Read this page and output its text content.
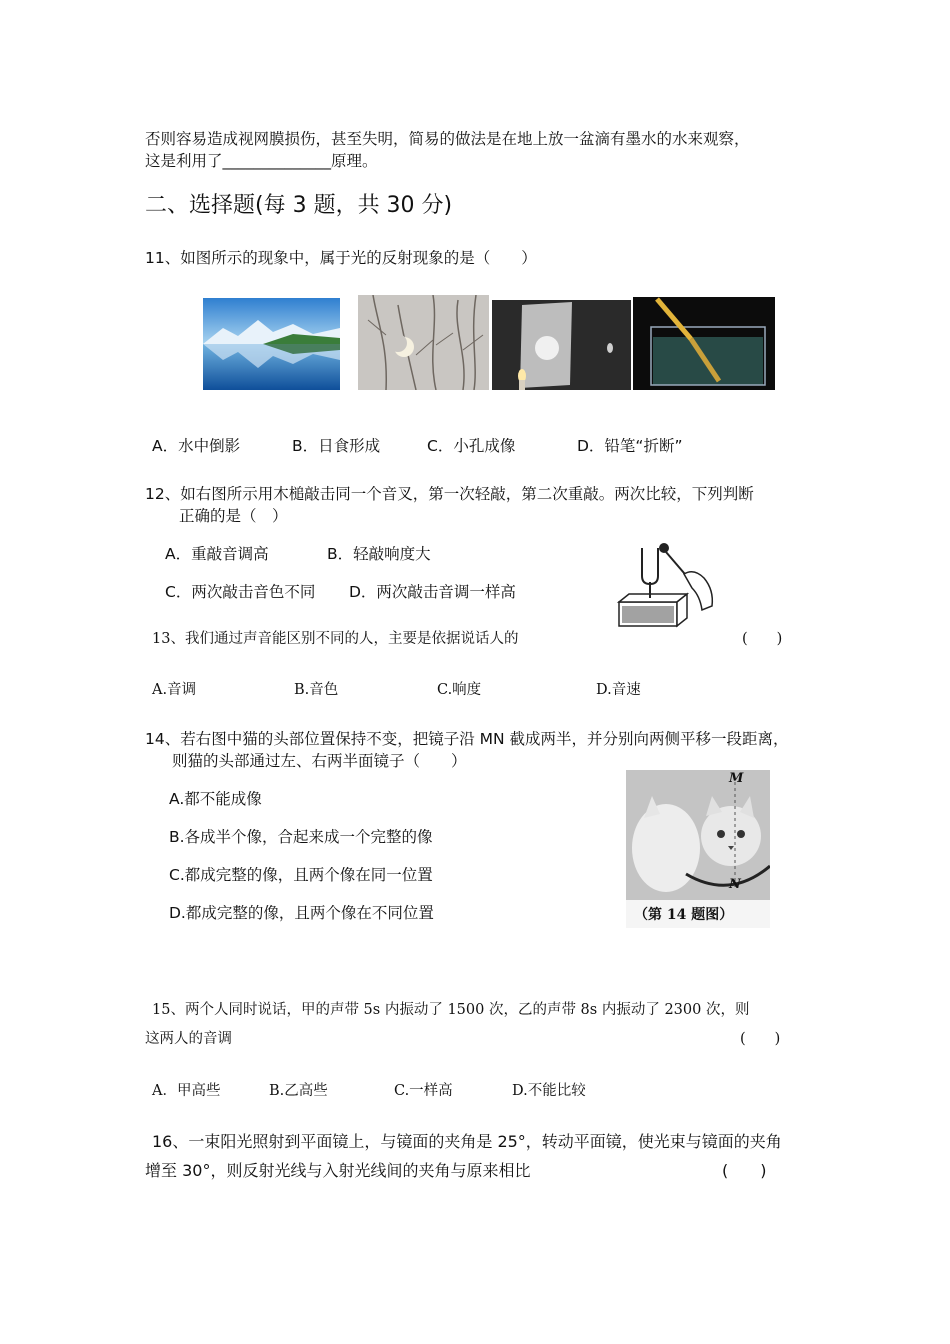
否则容易造成视网膜损伤，甚至失明，简易的做法是在地上放一盆滴有墨水的水来观察，
这是利用了______________原理。
二、选择题(每 3 题，共 30 分)
11、如图所示的现象中，属于光的反射现象的是（　　）
A．水中倒影	B．日食形成	C．小孔成像	D．铅笔“折断”
12、如右图所示用木槌敲击同一个音叉，第一次轻敲，第二次重敲。两次比较，下列判断
正确的是（　）
A．重敲音调高	B．轻敲响度大
C．两次敲击音色不同 D．两次敲击音调一样高
13、我们通过声音能区别不同的人，主要是依据说话人的	(　　)
A.音调	B.音色	C.响度	D.音速
14、若右图中猫的头部位置保持不变，把镜子沿 MN 截成两半，并分别向两侧平移一段距离，
则猫的头部通过左、右两半面镜子（　　）
A.都不能成像
B.各成半个像，合起来成一个完整的像
C.都成完整的像，且两个像在同一位置
D.都成完整的像，且两个像在不同位置
M
N
（第 14 题图）
15、两个人同时说话，甲的声带 5s 内振动了 1500 次，乙的声带 8s 内振动了 2300 次，则
这两人的音调	(　　)
A．甲高些	B.乙高些	C.一样高	D.不能比较
16、一束阳光照射到平面镜上，与镜面的夹角是 25°，转动平面镜，使光束与镜面的夹角
增至 30°，则反射光线与入射光线间的夹角与原来相比	(　　)
